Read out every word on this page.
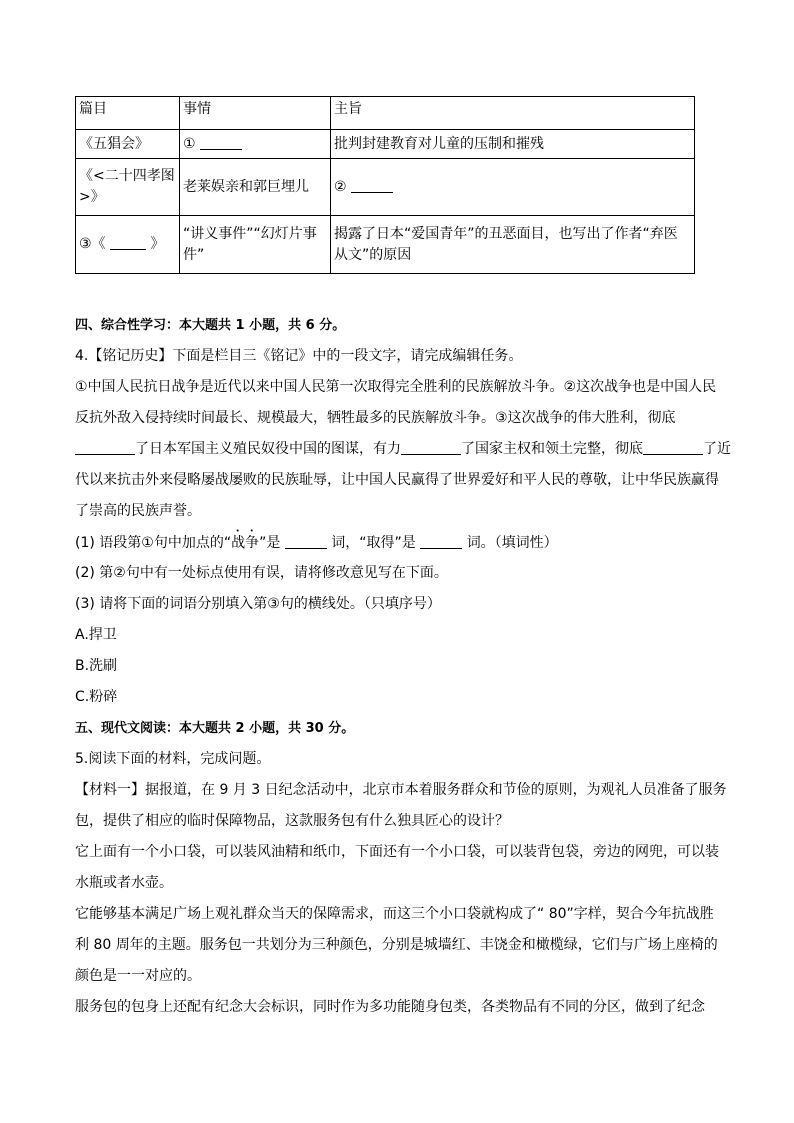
篇目	事情	主旨
《五猖会》	①	批判封建教育对儿童的压制和摧残
《<二十四孝图>》	老莱娱亲和郭巨埋儿	②
③《 》	“讲义事件”“幻灯片事件”	揭露了日本“爱国青年”的丑恶面目，也写出了作者“弃医从文”的原因
四、综合性学习：本大题共 1 小题，共 6 分。
4.【铭记历史】下面是栏目三《铭记》中的一段文字，请完成编辑任务。
①中国人民抗日战争是近代以来中国人民第一次取得完全胜利的民族解放斗争。②这次战争也是中国人民
反抗外敌入侵持续时间最长、规模最大，牺牲最多的民族解放斗争。③这次战争的伟大胜利，彻底
了日本军国主义殖民奴役中国的图谋，有力	了国家主权和领土完整，彻底	了近
代以来抗击外来侵略屡战屡败的民族耻辱，让中国人民赢得了世界爱好和平人民的尊敬，让中华民族赢得
了崇高的民族声誉。
(1) 语段第①句中加点的“战争”是	词，“取得”是	词。（填词性）
(2) 第②句中有一处标点使用有误，请将修改意见写在下面。
(3) 请将下面的词语分别填入第③句的横线处。（只填序号）
A.捍卫
B.洗刷
C.粉碎
五、现代文阅读：本大题共 2 小题，共 30 分。
5.阅读下面的材料，完成问题。
【材料一】据报道，在 9 月 3 日纪念活动中，北京市本着服务群众和节俭的原则，为观礼人员准备了服务
包，提供了相应的临时保障物品，这款服务包有什么独具匠心的设计？
它上面有一个小口袋，可以装风油精和纸巾，下面还有一个小口袋，可以装背包袋，旁边的网兜，可以装
水瓶或者水壶。
它能够基本满足广场上观礼群众当天的保障需求，而这三个小口袋就构成了“ 80”字样，契合今年抗战胜
利 80 周年的主题。服务包一共划分为三种颜色，分别是城墙红、丰饶金和橄榄绿，它们与广场上座椅的
颜色是一一对应的。
服务包的包身上还配有纪念大会标识，同时作为多功能随身包类，各类物品有不同的分区，做到了纪念
